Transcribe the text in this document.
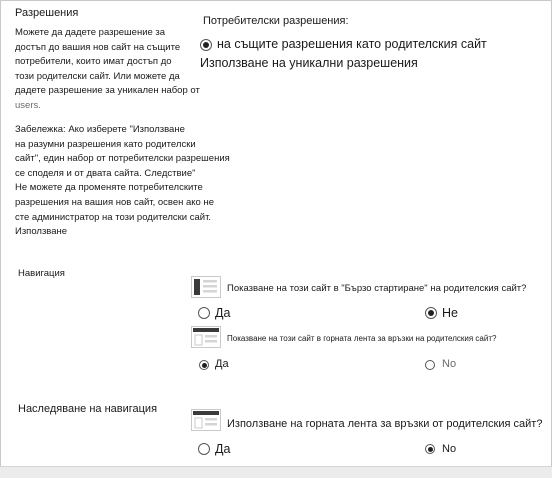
Разрешения
Можете да дадете разрешение за
достъп до вашия нов сайт на същите
потребители, които имат достъп до
този родителски сайт. Или можете да
дадете разрешение за уникален набор от
users.
Забележка: Ако изберете "Използване
на разумни разрешения като родителски
сайт", един набор от потребителски разрешения
се споделя и от двата сайта. Следствие"
Не можете да променяте потребителските
разрешения на вашия нов сайт, освен ако не
сте администратор на този родителски сайт.
Използване
Потребителски разрешения:
на същите разрешения като родителския сайт
Използване на уникални разрешения
Навигация
Показване на този сайт в "Бързо стартиране" на родителския сайт?
Да	Не
Показване на този сайт в горната лента за връзки на родителския сайт?
Да	No
Наследяване на навигация
Използване на горната лента за връзки от родителския сайт?
Да	No
